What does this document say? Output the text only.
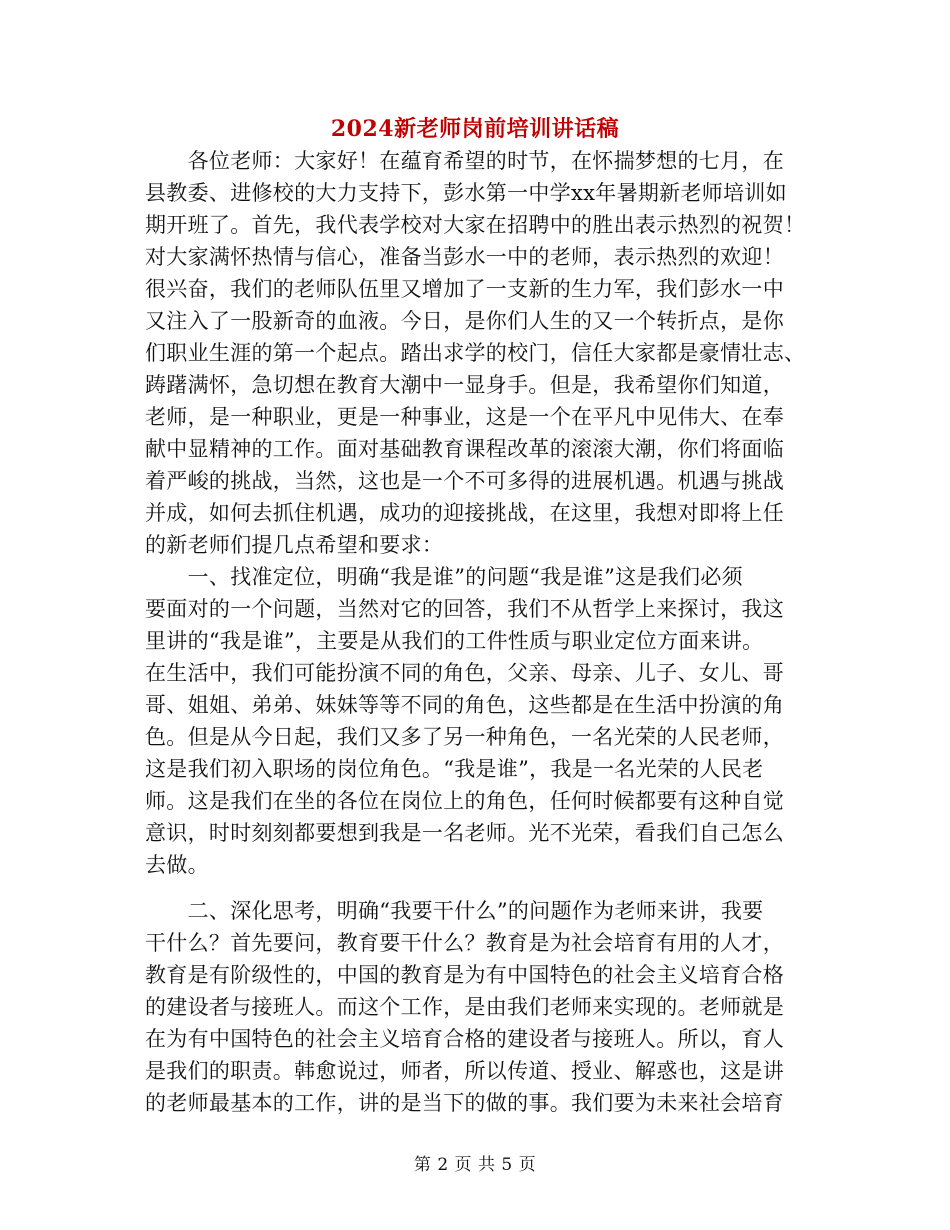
2024新老师岗前培训讲话稿
　　各位老师：大家好！在蕴育希望的时节，在怀揣梦想的七月，在
县教委、进修校的大力支持下，彭水第一中学xx年暑期新老师培训如
期开班了。首先，我代表学校对大家在招聘中的胜出表示热烈的祝贺！
对大家满怀热情与信心，准备当彭水一中的老师，表示热烈的欢迎！
很兴奋，我们的老师队伍里又增加了一支新的生力军，我们彭水一中
又注入了一股新奇的血液。今日，是你们人生的又一个转折点，是你
们职业生涯的第一个起点。踏出求学的校门，信任大家都是豪情壮志、
踌躇满怀，急切想在教育大潮中一显身手。但是，我希望你们知道，
老师，是一种职业，更是一种事业，这是一个在平凡中见伟大、在奉
献中显精神的工作。面对基础教育课程改革的滚滚大潮，你们将面临
着严峻的挑战，当然，这也是一个不可多得的进展机遇。机遇与挑战
并成，如何去抓住机遇，成功的迎接挑战，在这里，我想对即将上任
的新老师们提几点希望和要求：
　　一、找准定位，明确“我是谁”的问题“我是谁”这是我们必须
要面对的一个问题，当然对它的回答，我们不从哲学上来探讨，我这
里讲的“我是谁”，主要是从我们的工件性质与职业定位方面来讲。
在生活中，我们可能扮演不同的角色，父亲、母亲、儿子、女儿、哥
哥、姐姐、弟弟、妹妹等等不同的角色，这些都是在生活中扮演的角
色。但是从今日起，我们又多了另一种角色，一名光荣的人民老师，
这是我们初入职场的岗位角色。“我是谁”，我是一名光荣的人民老
师。这是我们在坐的各位在岗位上的角色，任何时候都要有这种自觉
意识，时时刻刻都要想到我是一名老师。光不光荣，看我们自己怎么
去做。
　　二、深化思考，明确“我要干什么”的问题作为老师来讲，我要
干什么？首先要问，教育要干什么？教育是为社会培育有用的人才，
教育是有阶级性的，中国的教育是为有中国特色的社会主义培育合格
的建设者与接班人。而这个工作，是由我们老师来实现的。老师就是
在为有中国特色的社会主义培育合格的建设者与接班人。所以，育人
是我们的职责。韩愈说过，师者，所以传道、授业、解惑也，这是讲
的老师最基本的工作，讲的是当下的做的事。我们要为未来社会培育
第 2 页 共 5 页
